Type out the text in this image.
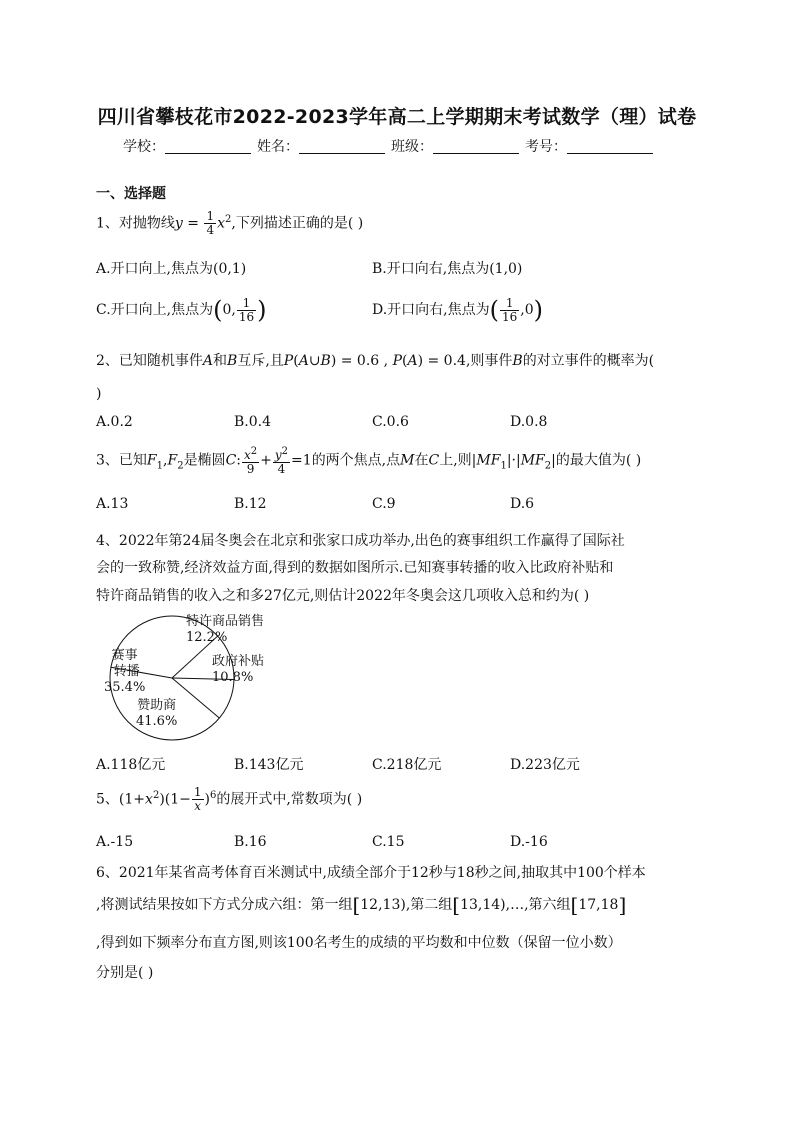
四川省攀枝花市2022-2023学年高二上学期期末考试数学（理）试卷
学校：	姓名：	班级：	考号：
一、选择题
1、对抛物线$y = \frac{1}{4} x^2$,下列描述正确的是( )
A.开口向上,焦点为(0,1)	B.开口向右,焦点为(1,0)
C.开口向上,焦点为(0, $\frac{1}{16}$ )	D.开口向右,焦点为( $\frac{1}{16} ,0$)
2、已知随机事件A和B互斥,且P(A∪B) = 0.6 , P(A) = 0.4,则事件B的对立事件的概率为(
)
A.0.2	B.0.4	C.0.6	D.0.8
3、已知$F_1,F_2$是椭圆C: $\frac{x^2}{9} + \frac{y^2}{4} =1$的两个焦点,点M在C上,则$|MF_1|\cdot|MF_2|$的最大值为( )
A.13	B.12	C.9	D.6
4、2022年第24届冬奥会在北京和张家口成功举办,出色的赛事组织工作赢得了国际社
会的一致称赞,经济效益方面,得到的数据如图所示.已知赛事转播的收入比政府补贴和
特许商品销售的收入之和多27亿元,则估计2022年冬奥会这几项收入总和约为( )
特许商品销售
12.2%
政府补贴
10.8%
赛事
转播
35.4%
赞助商
41.6%
A.118亿元	B.143亿元	C.218亿元	D.223亿元
5、$(1+x^2)(1- \frac{1}{x} )^6$的展开式中,常数项为( )
A.-15	B.16	C.15	D.-16
6、2021年某省高考体育百米测试中,成绩全部介于12秒与18秒之间,抽取其中100个样本
,将测试结果按如下方式分成六组：第一组[12,13),第二组[13,14),…,第六组[17,18]
,得到如下频率分布直方图,则该100名考生的成绩的平均数和中位数（保留一位小数）
分别是( )
